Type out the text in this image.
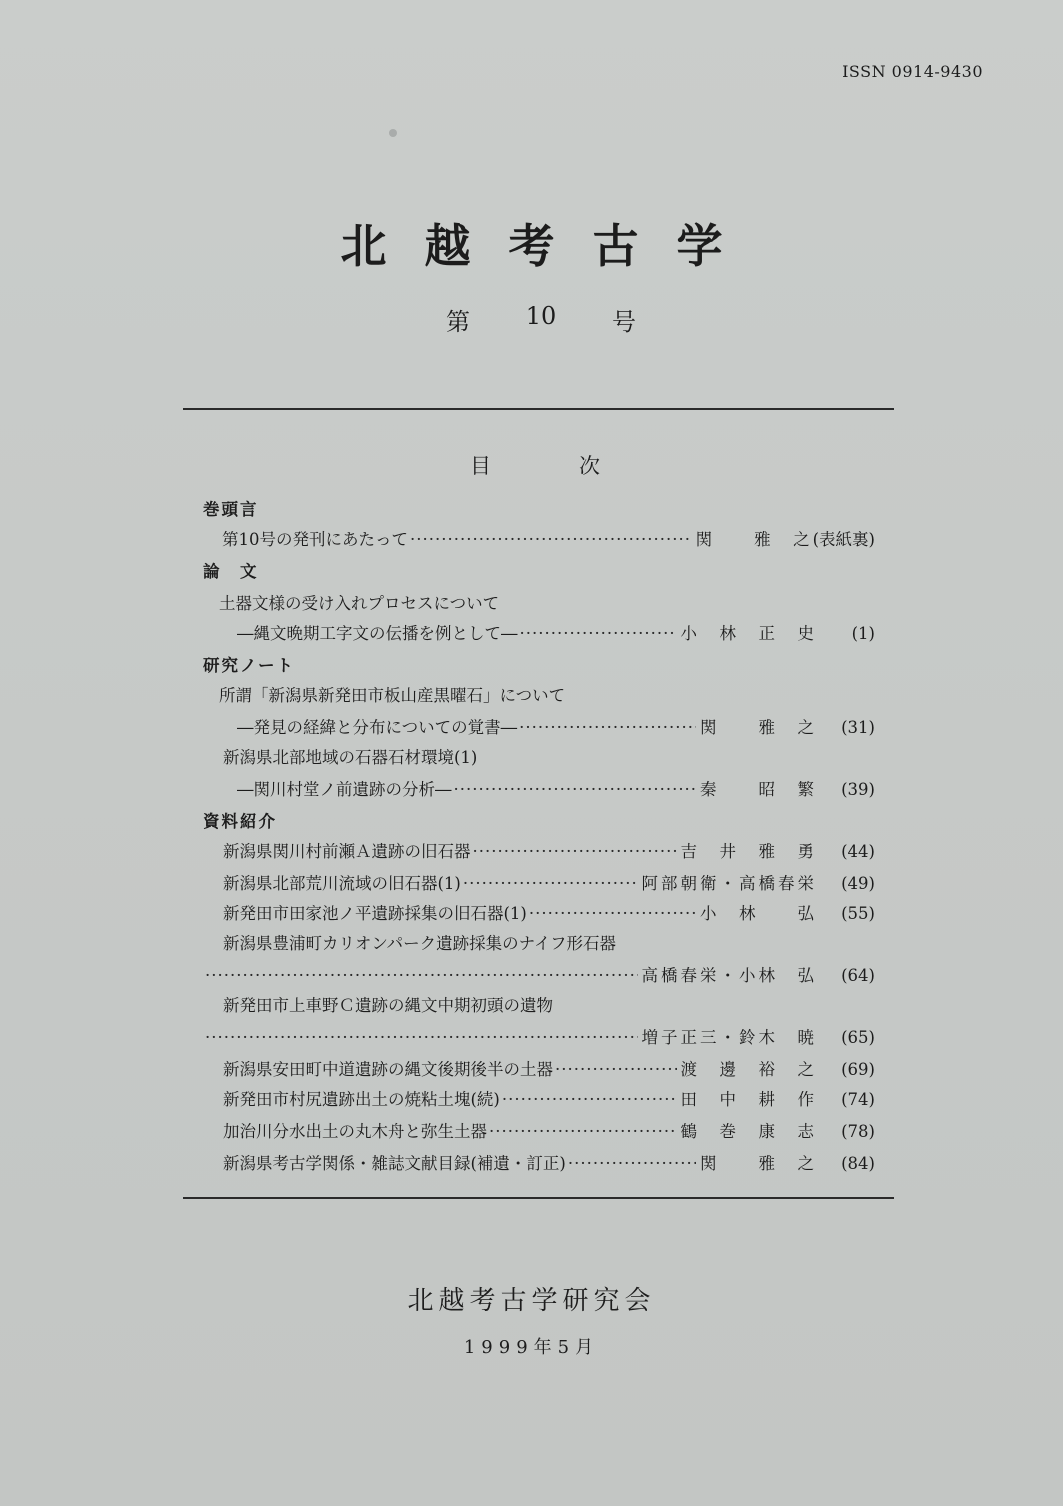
ISSN 0914-9430
北越考古学
第 10 号
目	次
巻頭言
第10号の発刊にあたって ·····	関　　雅　之 (表紙裏)
論　文
土器文様の受け入れプロセスについて
―縄文晩期工字文の伝播を例として― ·····	小　林　正　史	(1)
研究ノート
所謂「新潟県新発田市板山産黒曜石」について
―発見の経緯と分布についての覚書― ·····	関　　雅　之	(31)
新潟県北部地域の石器石材環境(1)
―関川村堂ノ前遺跡の分析― ·····	秦　　昭　繁	(39)
資料紹介
新潟県関川村前瀬Ａ遺跡の旧石器 ·····	吉　井　雅　勇	(44)
新潟県北部荒川流域の旧石器(1) ·····	阿部朝衛・高橋春栄	(49)
新発田市田家池ノ平遺跡採集の旧石器(1) ·····	小　林　　弘	(55)
新潟県豊浦町カリオンパーク遺跡採集のナイフ形石器
·····
高橋春栄・小林　弘	(64)
新発田市上車野Ｃ遺跡の縄文中期初頭の遺物
·····
増子正三・鈴木　暁	(65)
新潟県安田町中道遺跡の縄文後期後半の土器 ·····	渡　邊　裕　之	(69)
新発田市村尻遺跡出土の焼粘土塊(続) ·····	田　中　耕　作	(74)
加治川分水出土の丸木舟と弥生土器 ·····	鶴　巻　康　志	(78)
新潟県考古学関係・雑誌文献目録(補遺・訂正) ·····	関　　雅　之	(84)
北越考古学研究会
1999年5月
